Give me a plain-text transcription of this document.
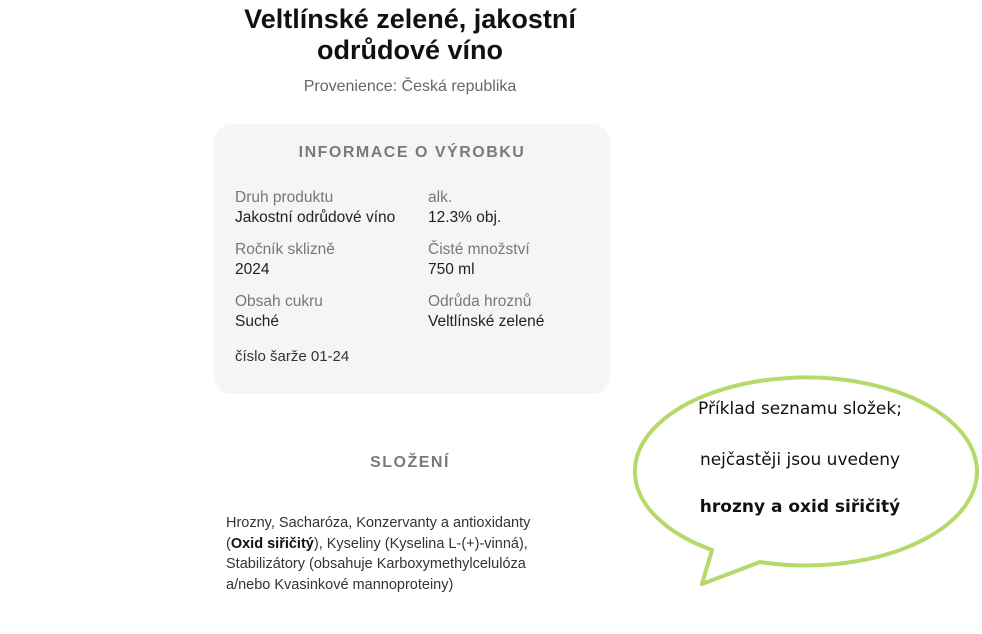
Veltlínské zelené, jakostní
odrůdové víno
Provenience: Česká republika
INFORMACE O VÝROBKU
Druh produktu
Jakostní odrůdové víno
alk.
12.3% obj.
Ročník sklizně
2024
Čisté množství
750 ml
Obsah cukru
Suché
Odrůda hroznů
Veltlínské zelené
číslo šarže 01-24
SLOŽENÍ
Hrozny, Sacharóza, Konzervanty a antioxidanty
(Oxid siřičitý), Kyseliny (Kyselina L-(+)-vinná),
Stabilizátory (obsahuje Karboxymethylcelulóza
a/nebo Kvasinkové mannoproteiny)
Příklad seznamu složek;
nejčastěji jsou uvedeny
hrozny a oxid siřičitý
